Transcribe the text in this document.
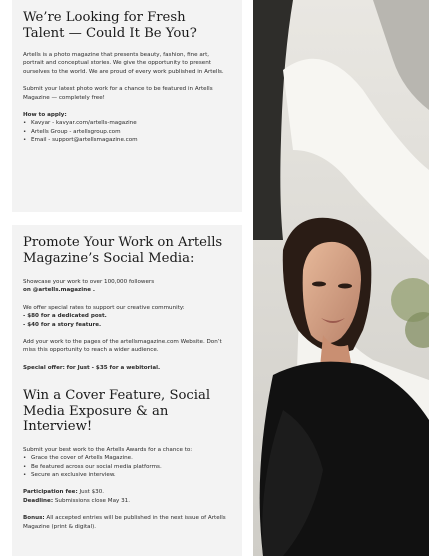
We’re Looking for Fresh Talent — Could It Be You?

Artells is a photo magazine that presents beauty, fashion, fine art, portrait and conceptual stories. We give the opportunity to present ourselves to the world. We are proud of every work published in Artells.

Submit your latest photo work for a chance to be featured in Artells Magazine — completely free!

How to apply:

• Kavyar - kavyar.com/artells-magazine
• Artells Group - artellsgroup.com
• Email - support@artellsmagazine.com
Promote Your Work on Artells Magazine’s Social Media:

Showcase your work to over 100,000 followers
on @artells.magazine .

We offer special rates to support our creative community:
- $80 for a dedicated post.
- $40 for a story feature.

Add your work to the pages of the artellsmagazine.com Website. Don’t miss this opportunity to reach a wider audience.

Special offer: for Just - $35 for a webitorial.

Win a Cover Feature, Social Media Exposure & an Interview!

Submit your best work to the Artells Awards for a chance to:

• Grace the cover of Artells Magazine.
• Be featured across our social media platforms.
• Secure an exclusive interview.

Participation fee: Just $30.
Deadline: Submissions close May 31.

Bonus: All accepted entries will be published in the next issue of Artells Magazine (print & digital).
